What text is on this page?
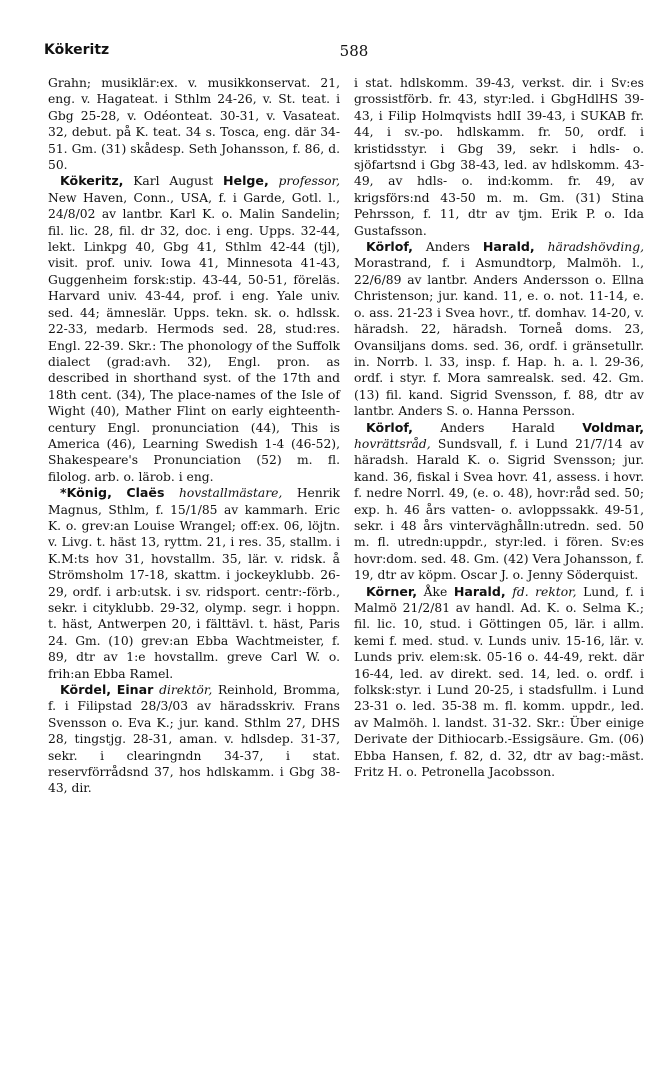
Kökeritz	588

Grahn; musiklär:ex. v. musikkonservat. 21, eng. v. Hagateat. i Sthlm 24-26, v. St. teat. i Gbg 25-28, v. Odéonteat. 30-31, v. Vasateat. 32, debut. på K. teat. 34 s. Tosca, eng. där 34-51. Gm. (31) skådesp. Seth Johansson, f. 86, d. 50.

Kökeritz, Karl August Helge, professor, New Haven, Conn., USA, f. i Garde, Gotl. l., 24/8/02 av lantbr. Karl K. o. Malin Sandelin; fil. lic. 28, fil. dr 32, doc. i eng. Upps. 32-44, lekt. Linkpg 40, Gbg 41, Sthlm 42-44 (tjl), visit. prof. univ. Iowa 41, Minnesota 41-43, Guggenheim forsk:stip. 43-44, 50-51, föreläs. Harvard univ. 43-44, prof. i eng. Yale univ. sed. 44; ämneslär. Upps. tekn. sk. o. hdlssk. 22-33, medarb. Hermods sed. 28, stud:res. Engl. 22-39. Skr.: The phonology of the Suffolk dialect (grad:avh. 32), Engl. pron. as described in shorthand syst. of the 17th and 18th cent. (34), The place-names of the Isle of Wight (40), Mather Flint on early eighteenth-century Engl. pronunciation (44), This is America (46), Learning Swedish 1-4 (46-52), Shakespeare's Pronunciation (52) m. fl. filolog. arb. o. lärob. i eng.

*König, Claës hovstallmästare, Henrik Magnus, Sthlm, f. 15/1/85 av kammarh. Eric K. o. grev:an Louise Wrangel; off:ex. 06, löjtn. v. Livg. t. häst 13, ryttm. 21, i res. 35, stallm. i K.M:ts hov 31, hovstallm. 35, lär. v. ridsk. å Strömsholm 17-18, skattm. i jockeyklubb. 26-29, ordf. i arb:utsk. i sv. ridsport. centr:-förb., sekr. i cityklubb. 29-32, olymp. segr. i hoppn. t. häst, Antwerpen 20, i fälttävl. t. häst, Paris 24. Gm. (10) grev:an Ebba Wachtmeister, f. 89, dtr av 1:e hovstallm. greve Carl W. o. frih:an Ebba Ramel.

Kördel, Einar direktör, Reinhold, Bromma, f. i Filipstad 28/3/03 av häradsskriv. Frans Svensson o. Eva K.; jur. kand. Sthlm 27, DHS 28, tingstjg. 28-31, aman. v. hdlsdep. 31-37, sekr. i clearingndn 34-37, i stat. reservförrådsnd 37, hos hdlskamm. i Gbg 38-43, dir.

i stat. hdlskomm. 39-43, verkst. dir. i Sv:es grossistförb. fr. 43, styr:led. i GbgHdlHS 39-43, i Filip Holmqvists hdlI 39-43, i SUKAB fr. 44, i sv.-po. hdlskamm. fr. 50, ordf. i kristidsstyr. i Gbg 39, sekr. i hdls- o. sjöfartsnd i Gbg 38-43, led. av hdlskomm. 43-49, av hdls- o. ind:komm. fr. 49, av krigsförs:nd 43-50 m. m. Gm. (31) Stina Pehrsson, f. 11, dtr av tjm. Erik P. o. Ida Gustafsson.

Körlof, Anders Harald, häradshövding, Morastrand, f. i Asmundtorp, Malmöh. l., 22/6/89 av lantbr. Anders Andersson o. Ellna Christenson; jur. kand. 11, e. o. not. 11-14, e. o. ass. 21-23 i Svea hovr., tf. domhav. 14-20, v. häradsh. 22, häradsh. Torneå doms. 23, Ovansiljans doms. sed. 36, ordf. i gränsetullr. in. Norrb. l. 33, insp. f. Hap. h. a. l. 29-36, ordf. i styr. f. Mora samrealsk. sed. 42. Gm. (13) fil. kand. Sigrid Svensson, f. 88, dtr av lantbr. Anders S. o. Hanna Persson.

Körlof, Anders Harald Voldmar, hovrättsråd, Sundsvall, f. i Lund 21/7/14 av häradsh. Harald K. o. Sigrid Svensson; jur. kand. 36, fiskal i Svea hovr. 41, assess. i hovr. f. nedre Norrl. 49, (e. o. 48), hovr:råd sed. 50; exp. h. 46 års vatten- o. avloppssakk. 49-51, sekr. i 48 års vinterväghålln:utredn. sed. 50 m. fl. utredn:uppdr., styr:led. i fören. Sv:es hovr:dom. sed. 48. Gm. (42) Vera Johansson, f. 19, dtr av köpm. Oscar J. o. Jenny Söderquist.

Körner, Åke Harald, fd. rektor, Lund, f. i Malmö 21/2/81 av handl. Ad. K. o. Selma K.; fil. lic. 10, stud. i Göttingen 05, lär. i allm. kemi f. med. stud. v. Lunds univ. 15-16, lär. v. Lunds priv. elem:sk. 05-16 o. 44-49, rekt. där 16-44, led. av direkt. sed. 14, led. o. ordf. i folksk:styr. i Lund 20-25, i stadsfullm. i Lund 23-31 o. led. 35-38 m. fl. komm. uppdr., led. av Malmöh. l. landst. 31-32. Skr.: Über einige Derivate der Dithiocarb.-Essigsäure. Gm. (06) Ebba Hansen, f. 82, d. 32, dtr av bag:-mäst. Fritz H. o. Petronella Jacobsson.
